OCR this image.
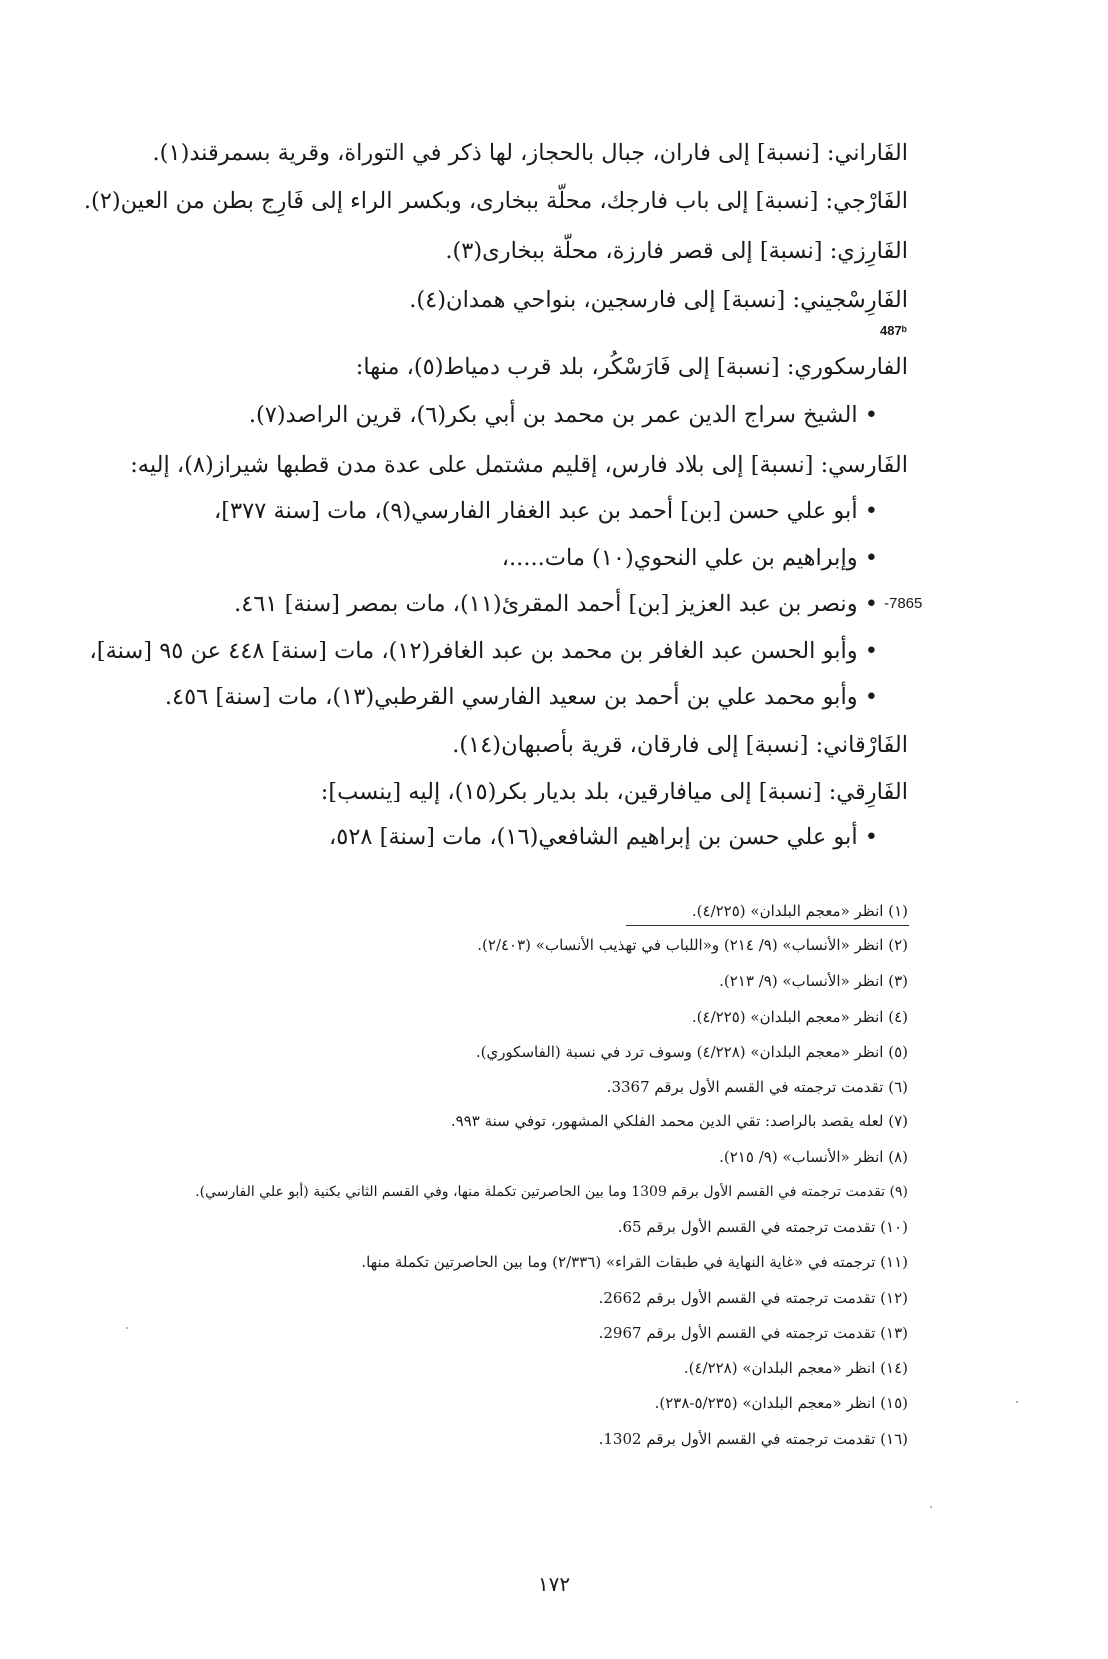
الفَاراني: [نسبة] إلى فاران، جبال بالحجاز، لها ذكر في التوراة، وقرية بسمرقند(١).
الفَارْجي: [نسبة] إلى باب فارجك، محلّة ببخارى، وبكسر الراء إلى فَارِج بطن من العين(٢).
الفَارِزي: [نسبة] إلى قصر فارزة، محلّة ببخارى(٣).
الفَارِسْجيني: [نسبة] إلى فارسجين، بنواحي همدان(٤).
487ᵇ
الفارسكوري: [نسبة] إلى فَارَسْكُر، بلد قرب دمياط(٥)، منها:
• الشيخ سراج الدين عمر بن محمد بن أبي بكر(٦)، قرين الراصد(٧).
الفَارسي: [نسبة] إلى بلاد فارس، إقليم مشتمل على عدة مدن قطبها شيراز(٨)، إليه:
• أبو علي حسن [بن] أحمد بن عبد الغفار الفارسي(٩)، مات [سنة ٣٧٧]،
• وإبراهيم بن علي النحوي(١٠) مات.....،
• ونصر بن عبد العزيز [بن] أحمد المقرئ(١١)، مات بمصر [سنة] ٤٦١. -7865
• وأبو الحسن عبد الغافر بن محمد بن عبد الغافر(١٢)، مات [سنة] ٤٤٨ عن ٩٥ [سنة]،
• وأبو محمد علي بن أحمد بن سعيد الفارسي القرطبي(١٣)، مات [سنة] ٤٥٦.
الفَارْقاني: [نسبة] إلى فارقان، قرية بأصبهان(١٤).
الفَارِقي: [نسبة] إلى ميافارقين، بلد بديار بكر(١٥)، إليه [ينسب]:
• أبو علي حسن بن إبراهيم الشافعي(١٦)، مات [سنة] ٥٢٨،
(١) انظر «معجم البلدان» (٤/٢٢٥).
(٢) انظر «الأنساب» (٩/ ٢١٤) و«اللباب في تهذيب الأنساب» (٢/٤٠٣).
(٣) انظر «الأنساب» (٩/ ٢١٣).
(٤) انظر «معجم البلدان» (٤/٢٢٥).
(٥) انظر «معجم البلدان» (٤/٢٢٨) وسوف ترد في نسبة (الفاسكوري).
(٦) تقدمت ترجمته في القسم الأول برقم 3367.
(٧) لعله يقصد بالراصد: تقي الدين محمد الفلكي المشهور، توفي سنة ٩٩٣.
(٨) انظر «الأنساب» (٩/ ٢١٥).
(٩) تقدمت ترجمته في القسم الأول برقم 1309 وما بين الحاصرتين تكملة منها، وفي القسم الثاني بكنية (أبو علي الفارسي).
(١٠) تقدمت ترجمته في القسم الأول برقم 65.
(١١) ترجمته في «غاية النهاية في طبقات القراء» (٢/٣٣٦) وما بين الحاصرتين تكملة منها.
(١٢) تقدمت ترجمته في القسم الأول برقم 2662.
(١٣) تقدمت ترجمته في القسم الأول برقم 2967.
(١٤) انظر «معجم البلدان» (٤/٢٢٨).
(١٥) انظر «معجم البلدان» (٥/٢٣٥-٢٣٨).
(١٦) تقدمت ترجمته في القسم الأول برقم 1302.
١٧٢
